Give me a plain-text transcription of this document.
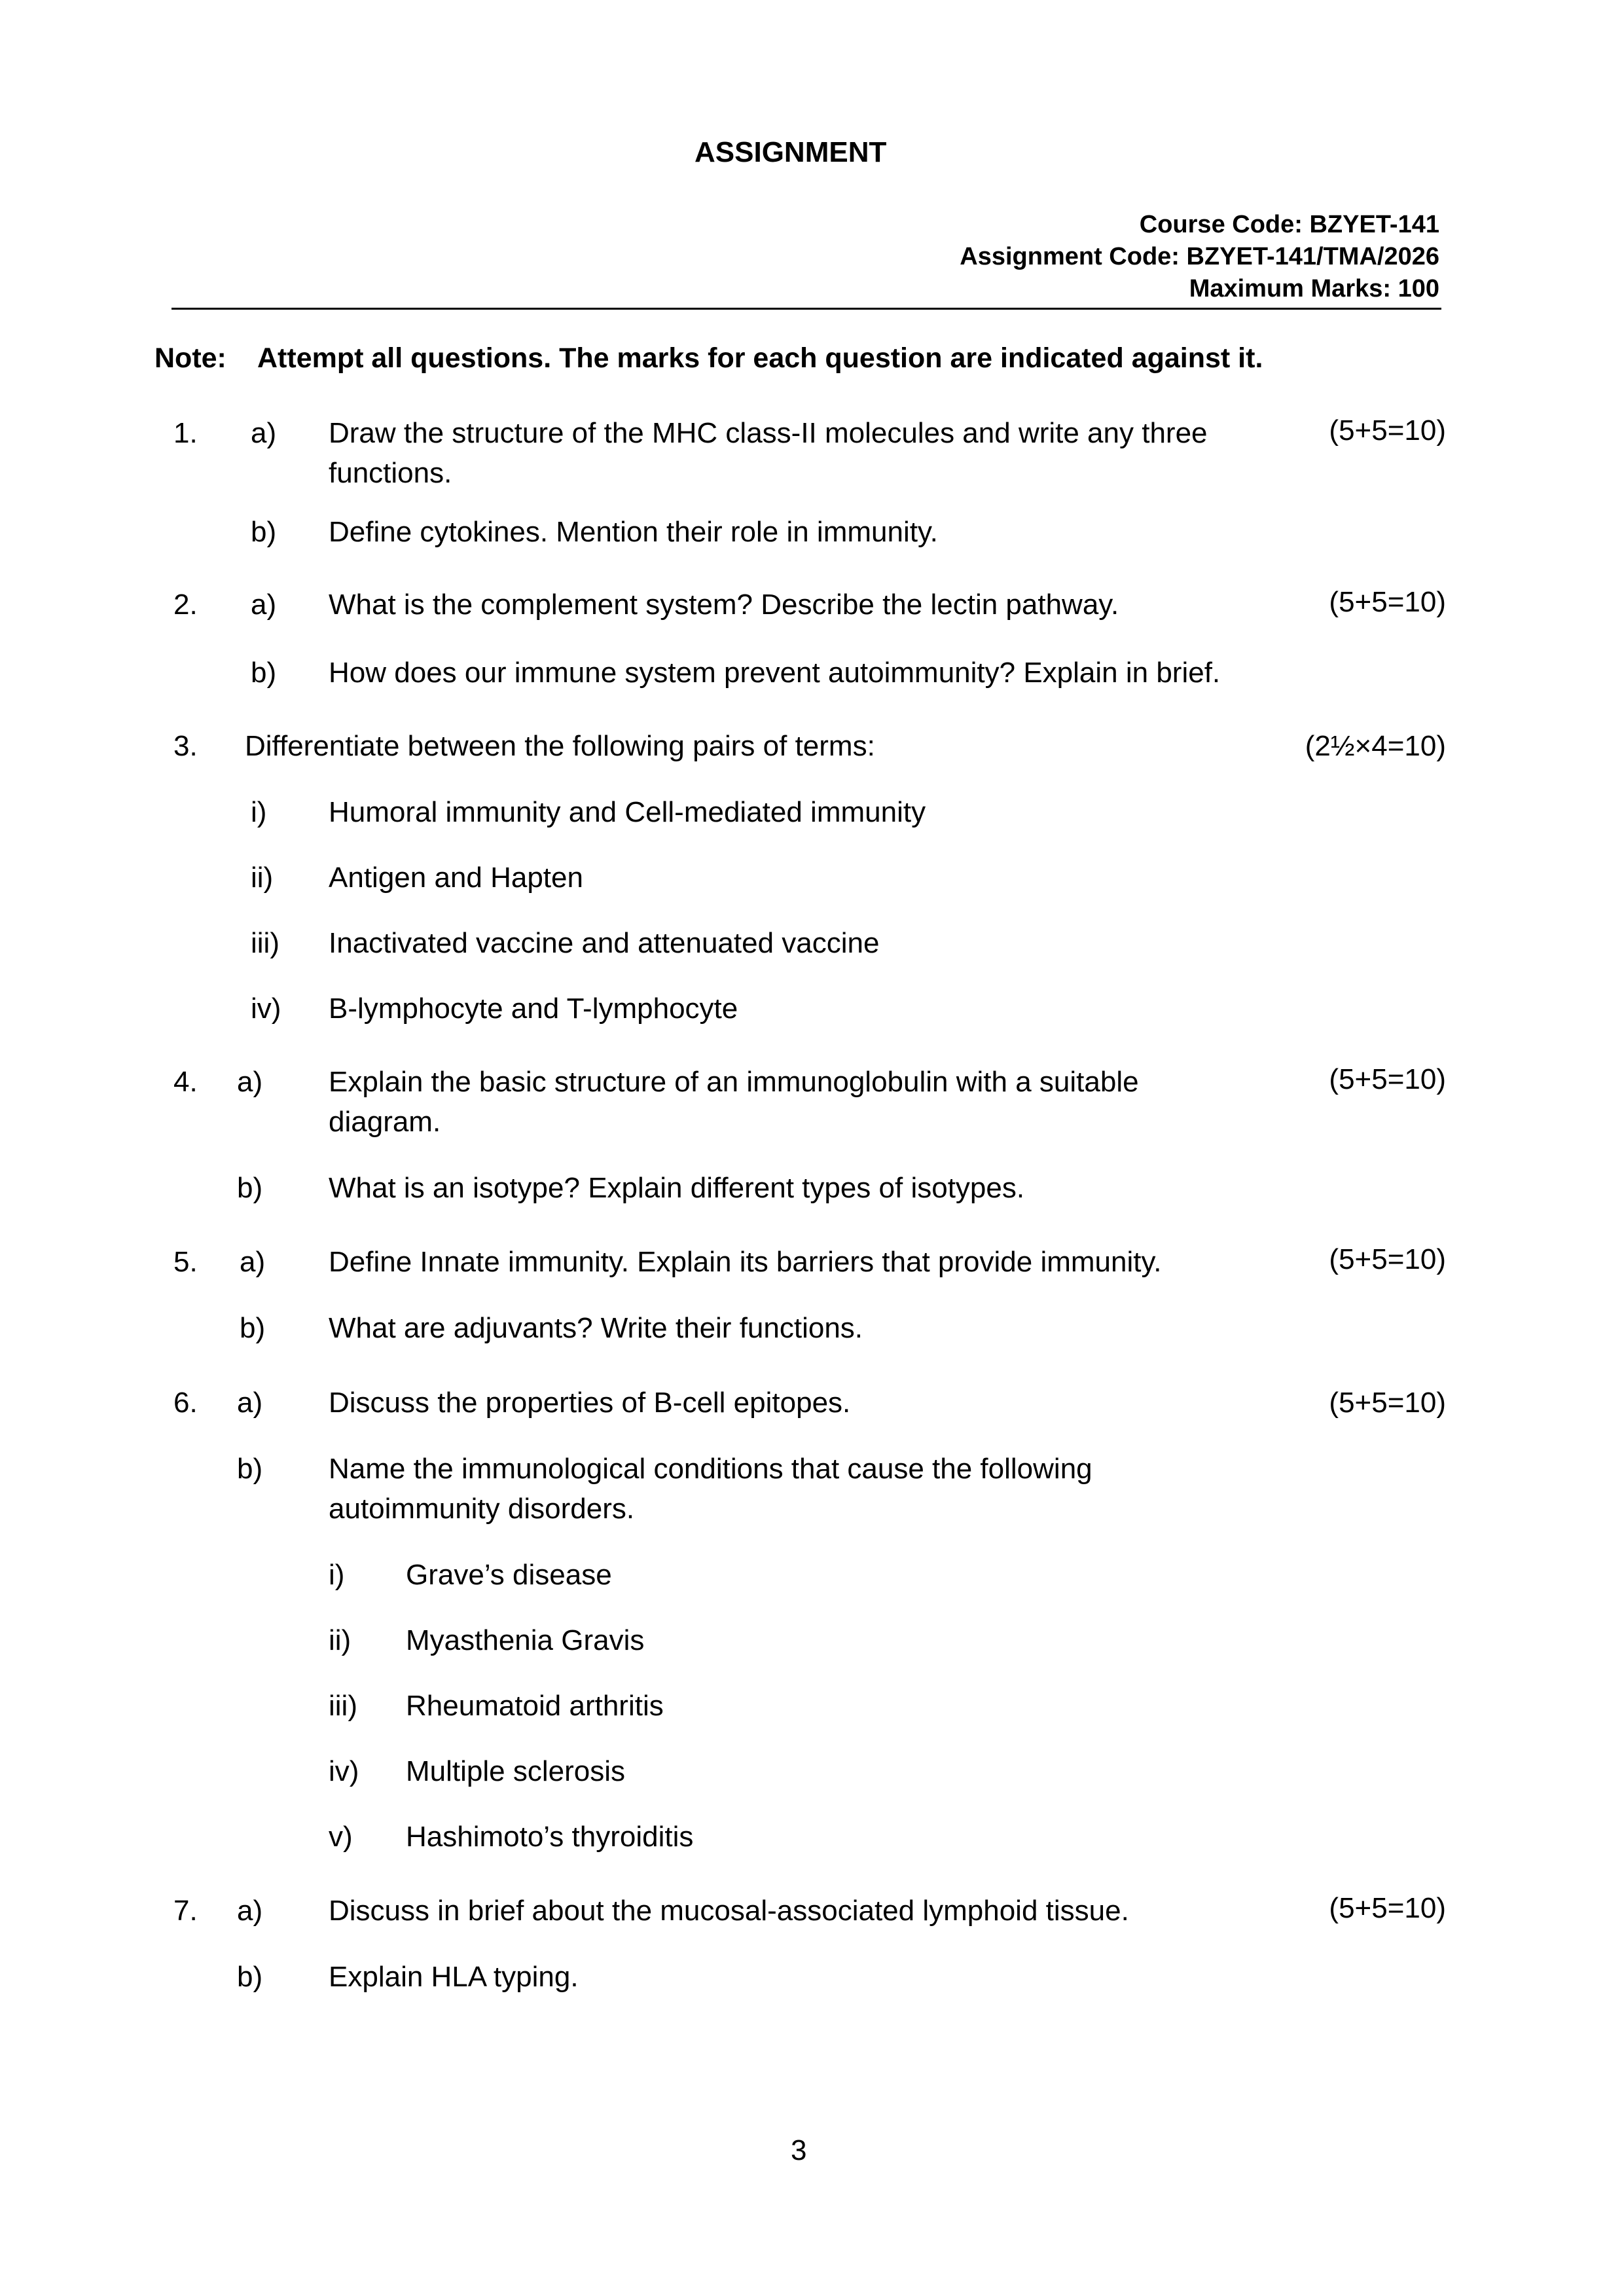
ASSIGNMENT
Course Code: BZYET-141
Assignment Code: BZYET-141/TMA/2026
Maximum Marks: 100
Note: Attempt all questions. The marks for each question are indicated against it.
1.	(5+5=10)
a) Draw the structure of the MHC class-II molecules and write any three
functions.
b) Define cytokines. Mention their role in immunity.
2.	(5+5=10)
a) What is the complement system? Describe the lectin pathway.
b) How does our immune system prevent autoimmunity? Explain in brief.
3. Differentiate between the following pairs of terms:	(2½×4=10)
i) Humoral immunity and Cell-mediated immunity
ii) Antigen and Hapten
iii) Inactivated vaccine and attenuated vaccine
iv) B-lymphocyte and T-lymphocyte
4.	(5+5=10)
a) Explain the basic structure of an immunoglobulin with a suitable
diagram.
b) What is an isotype? Explain different types of isotypes.
5.	(5+5=10)
a) Define Innate immunity. Explain its barriers that provide immunity.
b) What are adjuvants? Write their functions.
6.	(5+5=10)
a) Discuss the properties of B-cell epitopes.
b) Name the immunological conditions that cause the following
autoimmunity disorders.
i) Grave’s disease
ii) Myasthenia Gravis
iii) Rheumatoid arthritis
iv) Multiple sclerosis
v) Hashimoto’s thyroiditis
7.	(5+5=10)
a) Discuss in brief about the mucosal-associated lymphoid tissue.
b) Explain HLA typing.
3
